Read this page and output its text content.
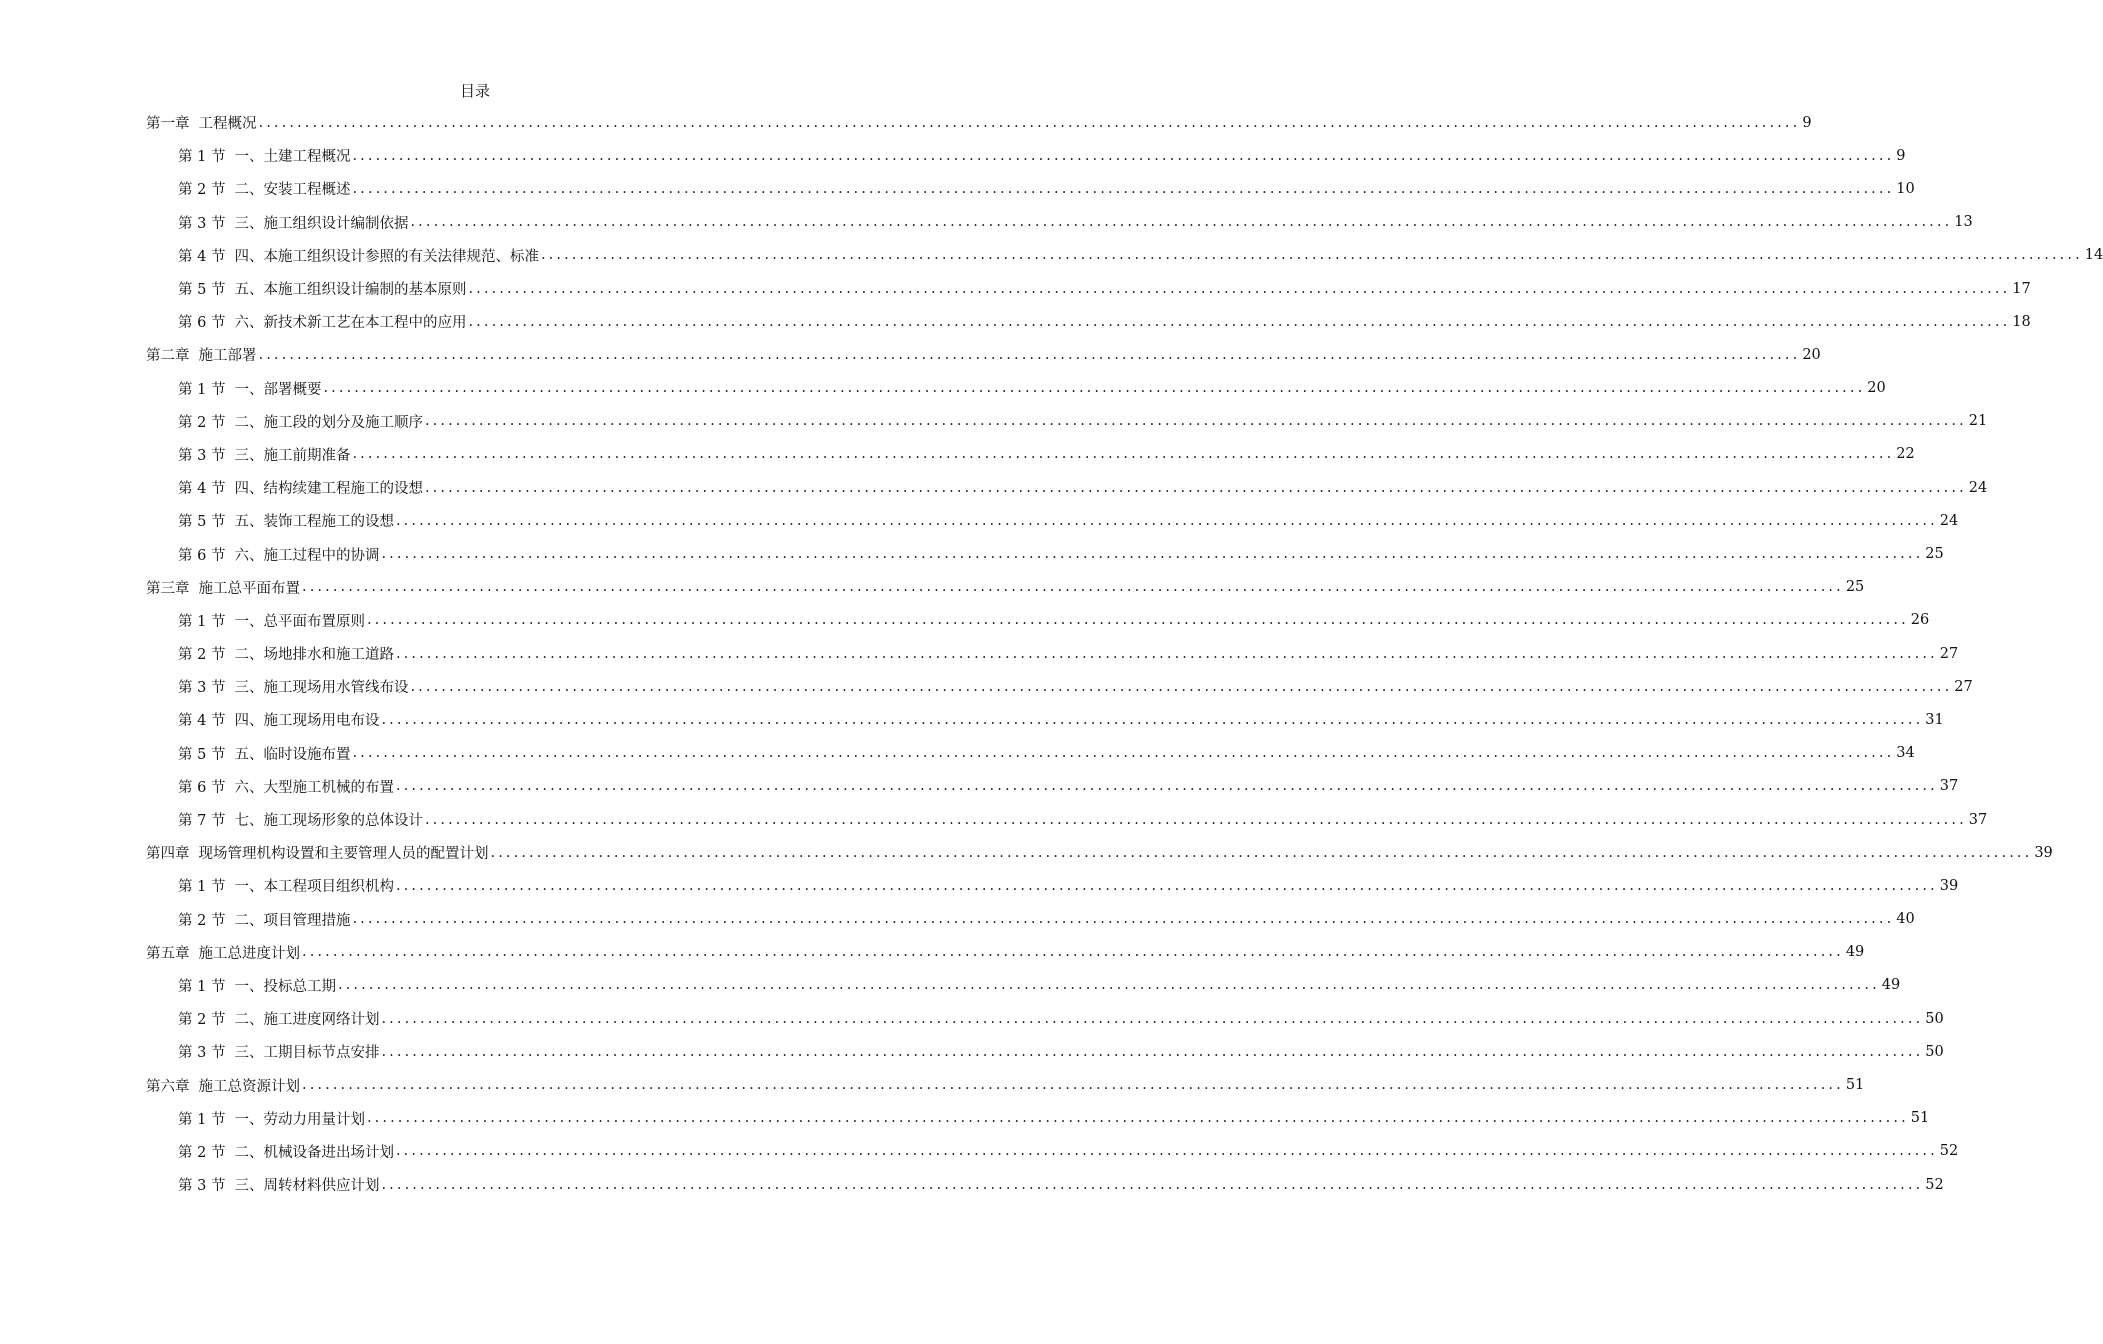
目录
第一章 工程概况 ........................................................................................................................................................................................................ 9
第 1 节 一、土建工程概况 ........................................................................................................................................................................................................ 9
第 2 节 二、安装工程概述 ........................................................................................................................................................................................................ 10
第 3 节 三、施工组织设计编制依据 ........................................................................................................................................................................................................ 13
第 4 节 四、本施工组织设计参照的有关法律规范、标准 ........................................................................................................................................................................................................ 14
第 5 节 五、本施工组织设计编制的基本原则 ........................................................................................................................................................................................................ 17
第 6 节 六、新技术新工艺在本工程中的应用 ........................................................................................................................................................................................................ 18
第二章 施工部署 ........................................................................................................................................................................................................ 20
第 1 节 一、部署概要 ........................................................................................................................................................................................................ 20
第 2 节 二、施工段的划分及施工顺序 ........................................................................................................................................................................................................ 21
第 3 节 三、施工前期准备 ........................................................................................................................................................................................................ 22
第 4 节 四、结构续建工程施工的设想 ........................................................................................................................................................................................................ 24
第 5 节 五、装饰工程施工的设想 ........................................................................................................................................................................................................ 24
第 6 节 六、施工过程中的协调 ........................................................................................................................................................................................................ 25
第三章 施工总平面布置 ........................................................................................................................................................................................................ 25
第 1 节 一、总平面布置原则 ........................................................................................................................................................................................................ 26
第 2 节 二、场地排水和施工道路 ........................................................................................................................................................................................................ 27
第 3 节 三、施工现场用水管线布设 ........................................................................................................................................................................................................ 27
第 4 节 四、施工现场用电布设 ........................................................................................................................................................................................................ 31
第 5 节 五、临时设施布置 ........................................................................................................................................................................................................ 34
第 6 节 六、大型施工机械的布置 ........................................................................................................................................................................................................ 37
第 7 节 七、施工现场形象的总体设计 ........................................................................................................................................................................................................ 37
第四章 现场管理机构设置和主要管理人员的配置计划 ........................................................................................................................................................................................................ 39
第 1 节 一、本工程项目组织机构 ........................................................................................................................................................................................................ 39
第 2 节 二、项目管理措施 ........................................................................................................................................................................................................ 40
第五章 施工总进度计划 ........................................................................................................................................................................................................ 49
第 1 节 一、投标总工期 ........................................................................................................................................................................................................ 49
第 2 节 二、施工进度网络计划 ........................................................................................................................................................................................................ 50
第 3 节 三、工期目标节点安排 ........................................................................................................................................................................................................ 50
第六章 施工总资源计划 ........................................................................................................................................................................................................ 51
第 1 节 一、劳动力用量计划 ........................................................................................................................................................................................................ 51
第 2 节 二、机械设备进出场计划 ........................................................................................................................................................................................................ 52
第 3 节 三、周转材料供应计划 ........................................................................................................................................................................................................ 52
